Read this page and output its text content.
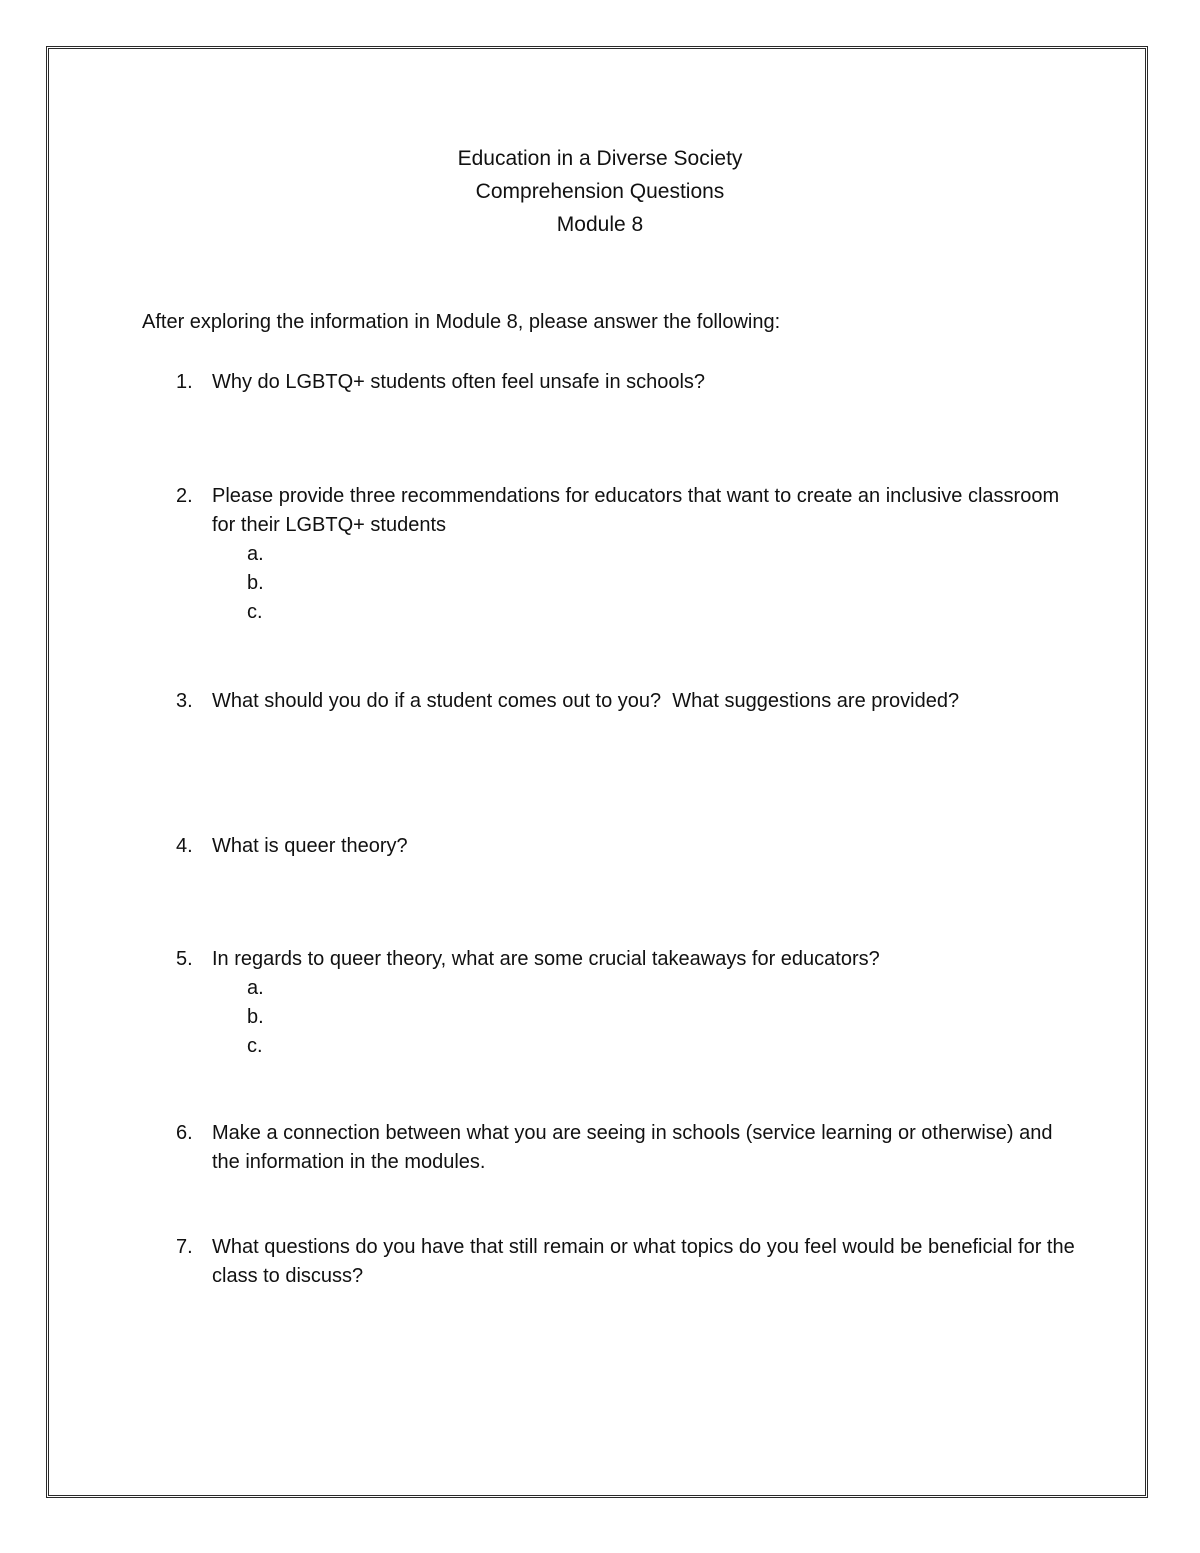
Education in a Diverse Society
Comprehension Questions
Module 8
After exploring the information in Module 8, please answer the following:
1. Why do LGBTQ+ students often feel unsafe in schools?
2. Please provide three recommendations for educators that want to create an inclusive classroom for their LGBTQ+ students
a.
b.
c.
3. What should you do if a student comes out to you?  What suggestions are provided?
4. What is queer theory?
5. In regards to queer theory, what are some crucial takeaways for educators?
a.
b.
c.
6. Make a connection between what you are seeing in schools (service learning or otherwise) and the information in the modules.
7. What questions do you have that still remain or what topics do you feel would be beneficial for the class to discuss?
